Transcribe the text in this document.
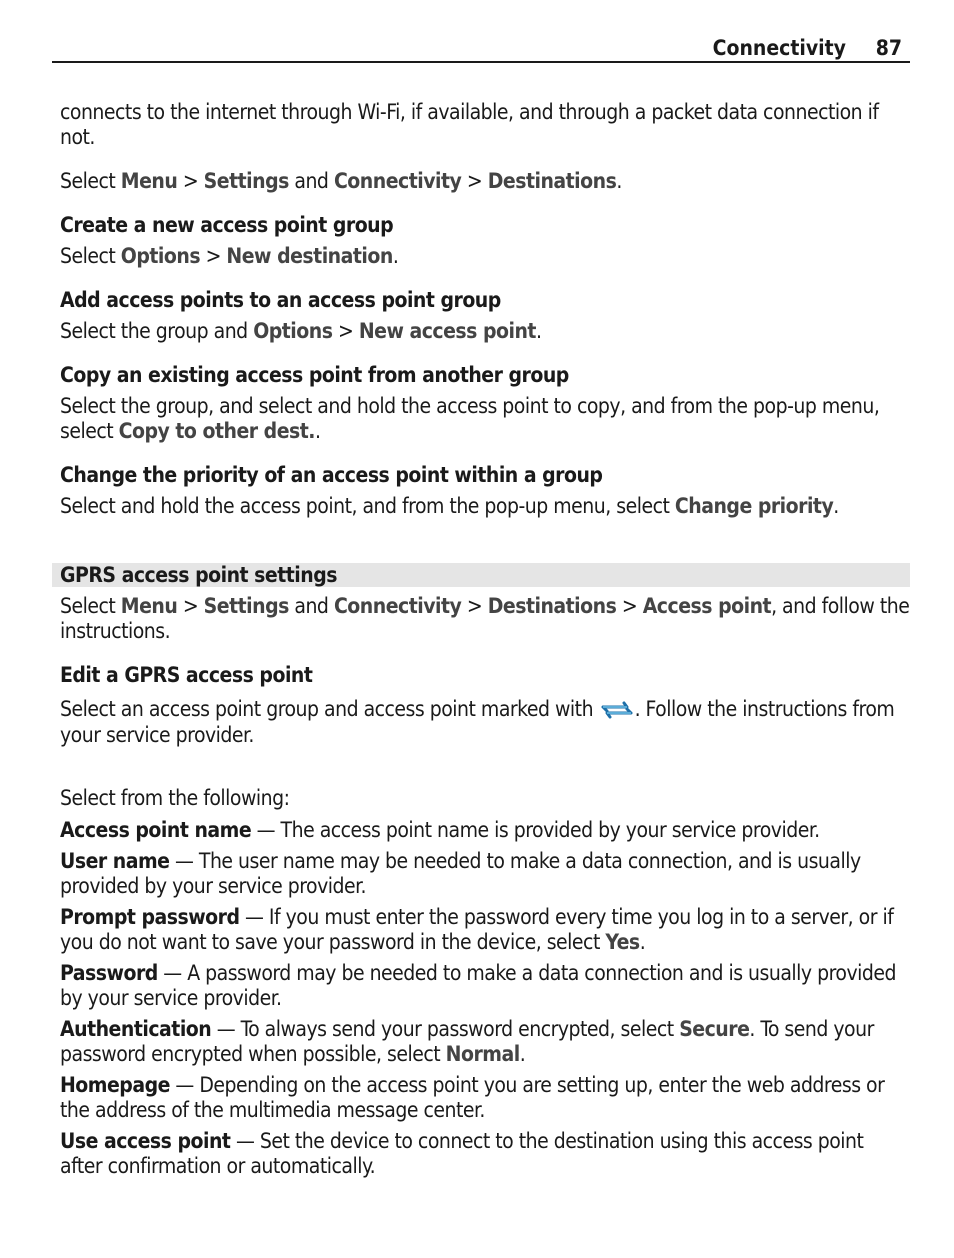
Connectivity 87

connects to the internet through Wi-Fi, if available, and through a packet data connection if not.

Select Menu > Settings and Connectivity > Destinations.

Create a new access point group

Select Options > New destination.

Add access points to an access point group

Select the group and Options > New access point.

Copy an existing access point from another group

Select the group, and select and hold the access point to copy, and from the pop-up menu, select Copy to other dest..

Change the priority of an access point within a group

Select and hold the access point, and from the pop-up menu, select Change priority.

GPRS access point settings

Select Menu > Settings and Connectivity > Destinations > Access point, and follow the instructions.

Edit a GPRS access point

Select an access point group and access point marked with . Follow the instructions from your service provider.

Select from the following:

Access point name — The access point name is provided by your service provider.

User name — The user name may be needed to make a data connection, and is usually provided by your service provider.

Prompt password — If you must enter the password every time you log in to a server, or if you do not want to save your password in the device, select Yes.

Password — A password may be needed to make a data connection and is usually provided by your service provider.

Authentication — To always send your password encrypted, select Secure. To send your password encrypted when possible, select Normal.

Homepage — Depending on the access point you are setting up, enter the web address or the address of the multimedia message center.

Use access point — Set the device to connect to the destination using this access point after confirmation or automatically.
